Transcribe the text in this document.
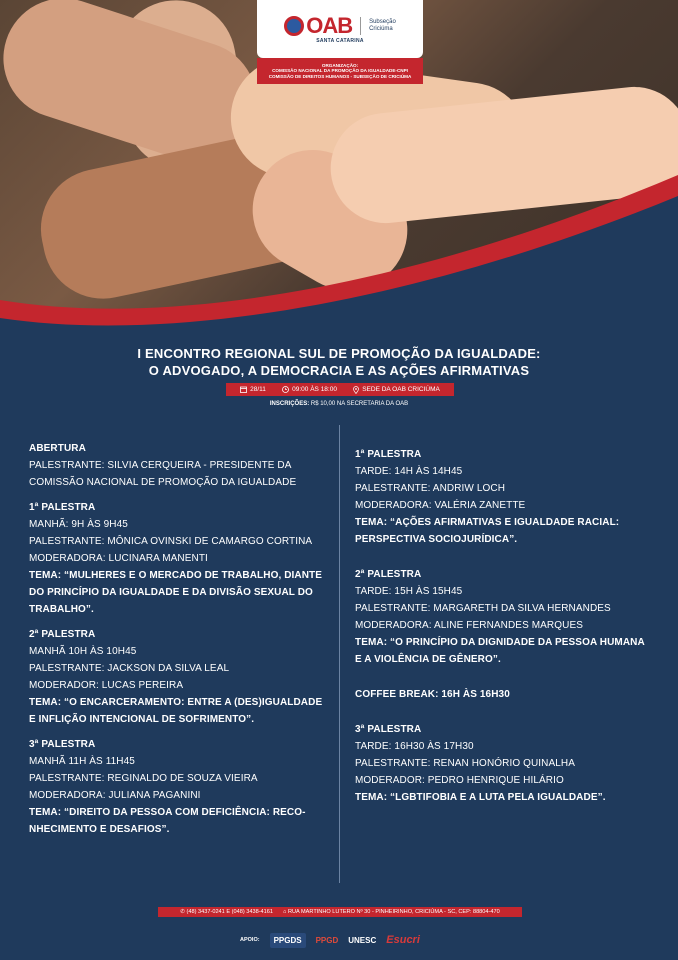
OAB	Subseção
Criciúma
SANTA CATARINA
ORGANIZAÇÃO:
COMISSÃO NACIONAL DA PROMOÇÃO DA IGUALDADE-CNPI
COMISSÃO DE DIREITOS HUMANOS - SUBSEÇÃO DE CRICIÚMA
I ENCONTRO REGIONAL SUL DE PROMOÇÃO DA IGUALDADE:
O ADVOGADO, A DEMOCRACIA E AS AÇÕES AFIRMATIVAS
28/11	09:00 ÀS 18:00	SEDE DA OAB CRICIÚMA
INSCRIÇÕES: R$ 10,00 NA SECRETARIA DA OAB

ABERTURA

PALESTRANTE: SILVIA CERQUEIRA - PRESIDENTE DA

COMISSÃO NACIONAL DE PROMOÇÃO DA IGUALDADE

1ª PALESTRA

MANHÃ: 9H ÀS 9H45

PALESTRANTE: MÔNICA OVINSKI DE CAMARGO CORTINA

MODERADORA: LUCINARA MANENTI

TEMA: “MULHERES E O MERCADO DE TRABALHO, DIANTE

DO PRINCÍPIO DA IGUALDADE E DA DIVISÃO SEXUAL DO

TRABALHO”.

2ª PALESTRA

MANHÃ 10H ÀS 10H45

PALESTRANTE: JACKSON DA SILVA LEAL

MODERADOR: LUCAS PEREIRA

TEMA: “O ENCARCERAMENTO: ENTRE A (DES)IGUALDADE

E INFLIÇÃO INTENCIONAL DE SOFRIMENTO”.

3ª PALESTRA

MANHÃ 11H ÀS 11H45

PALESTRANTE: REGINALDO DE SOUZA VIEIRA

MODERADORA: JULIANA PAGANINI

TEMA: “DIREITO DA PESSOA COM DEFICIÊNCIA: RECO-

NHECIMENTO E DESAFIOS”.

1ª PALESTRA

TARDE: 14H ÀS 14H45

PALESTRANTE: ANDRIW LOCH

MODERADORA: VALÉRIA ZANETTE

TEMA: “AÇÕES AFIRMATIVAS E IGUALDADE RACIAL:

PERSPECTIVA SOCIOJURÍDICA”.

2ª PALESTRA

TARDE: 15H ÀS 15H45

PALESTRANTE: MARGARETH DA SILVA HERNANDES

MODERADORA: ALINE FERNANDES MARQUES

TEMA: “O PRINCÍPIO DA DIGNIDADE DA PESSOA HUMANA

E A VIOLÊNCIA DE GÊNERO”.

COFFEE BREAK: 16H ÀS 16H30

3ª PALESTRA

TARDE: 16H30 ÀS 17H30

PALESTRANTE: RENAN HONÓRIO QUINALHA

MODERADOR: PEDRO HENRIQUE HILÁRIO

TEMA: “LGBTIFOBIA E A LUTA PELA IGUALDADE”.

✆ (48) 3437-0241 E (048) 3438-4161 ⌂ RUA MARTINHO LUTERO Nº 30 - PINHEIRINHO, CRICIÚMA - SC, CEP: 88804-470
APOIO:	PPGDS	PPGD UNESC Esucri
